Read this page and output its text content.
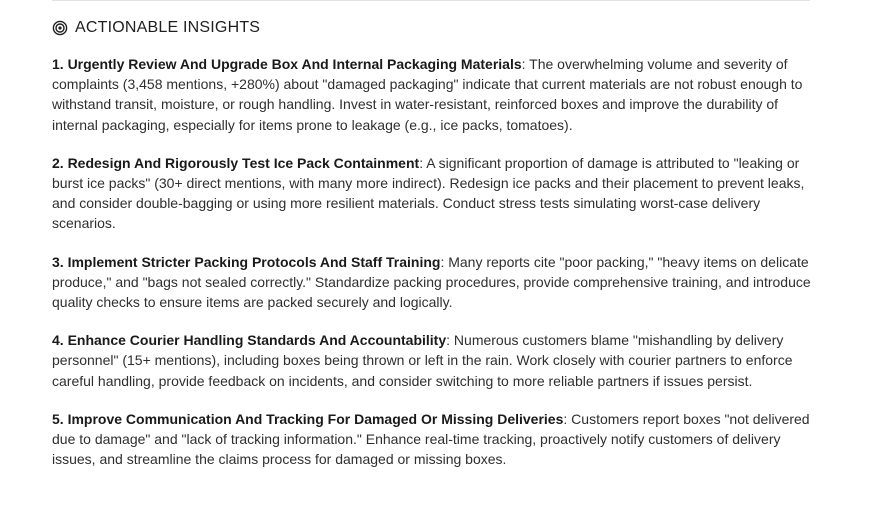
ACTIONABLE INSIGHTS

1. Urgently Review And Upgrade Box And Internal Packaging Materials: The overwhelming volume and severity of complaints (3,458 mentions, +280%) about "damaged packaging" indicate that current materials are not robust enough to withstand transit, moisture, or rough handling. Invest in water-resistant, reinforced boxes and improve the durability of internal packaging, especially for items prone to leakage (e.g., ice packs, tomatoes).

2. Redesign And Rigorously Test Ice Pack Containment: A significant proportion of damage is attributed to "leaking or burst ice packs" (30+ direct mentions, with many more indirect). Redesign ice packs and their placement to prevent leaks, and consider double-bagging or using more resilient materials. Conduct stress tests simulating worst-case delivery scenarios.

3. Implement Stricter Packing Protocols And Staff Training: Many reports cite "poor packing," "heavy items on delicate produce," and "bags not sealed correctly." Standardize packing procedures, provide comprehensive training, and introduce quality checks to ensure items are packed securely and logically.

4. Enhance Courier Handling Standards And Accountability: Numerous customers blame "mishandling by delivery personnel" (15+ mentions), including boxes being thrown or left in the rain. Work closely with courier partners to enforce careful handling, provide feedback on incidents, and consider switching to more reliable partners if issues persist.

5. Improve Communication And Tracking For Damaged Or Missing Deliveries: Customers report boxes "not delivered due to damage" and "lack of tracking information." Enhance real-time tracking, proactively notify customers of delivery issues, and streamline the claims process for damaged or missing boxes.
